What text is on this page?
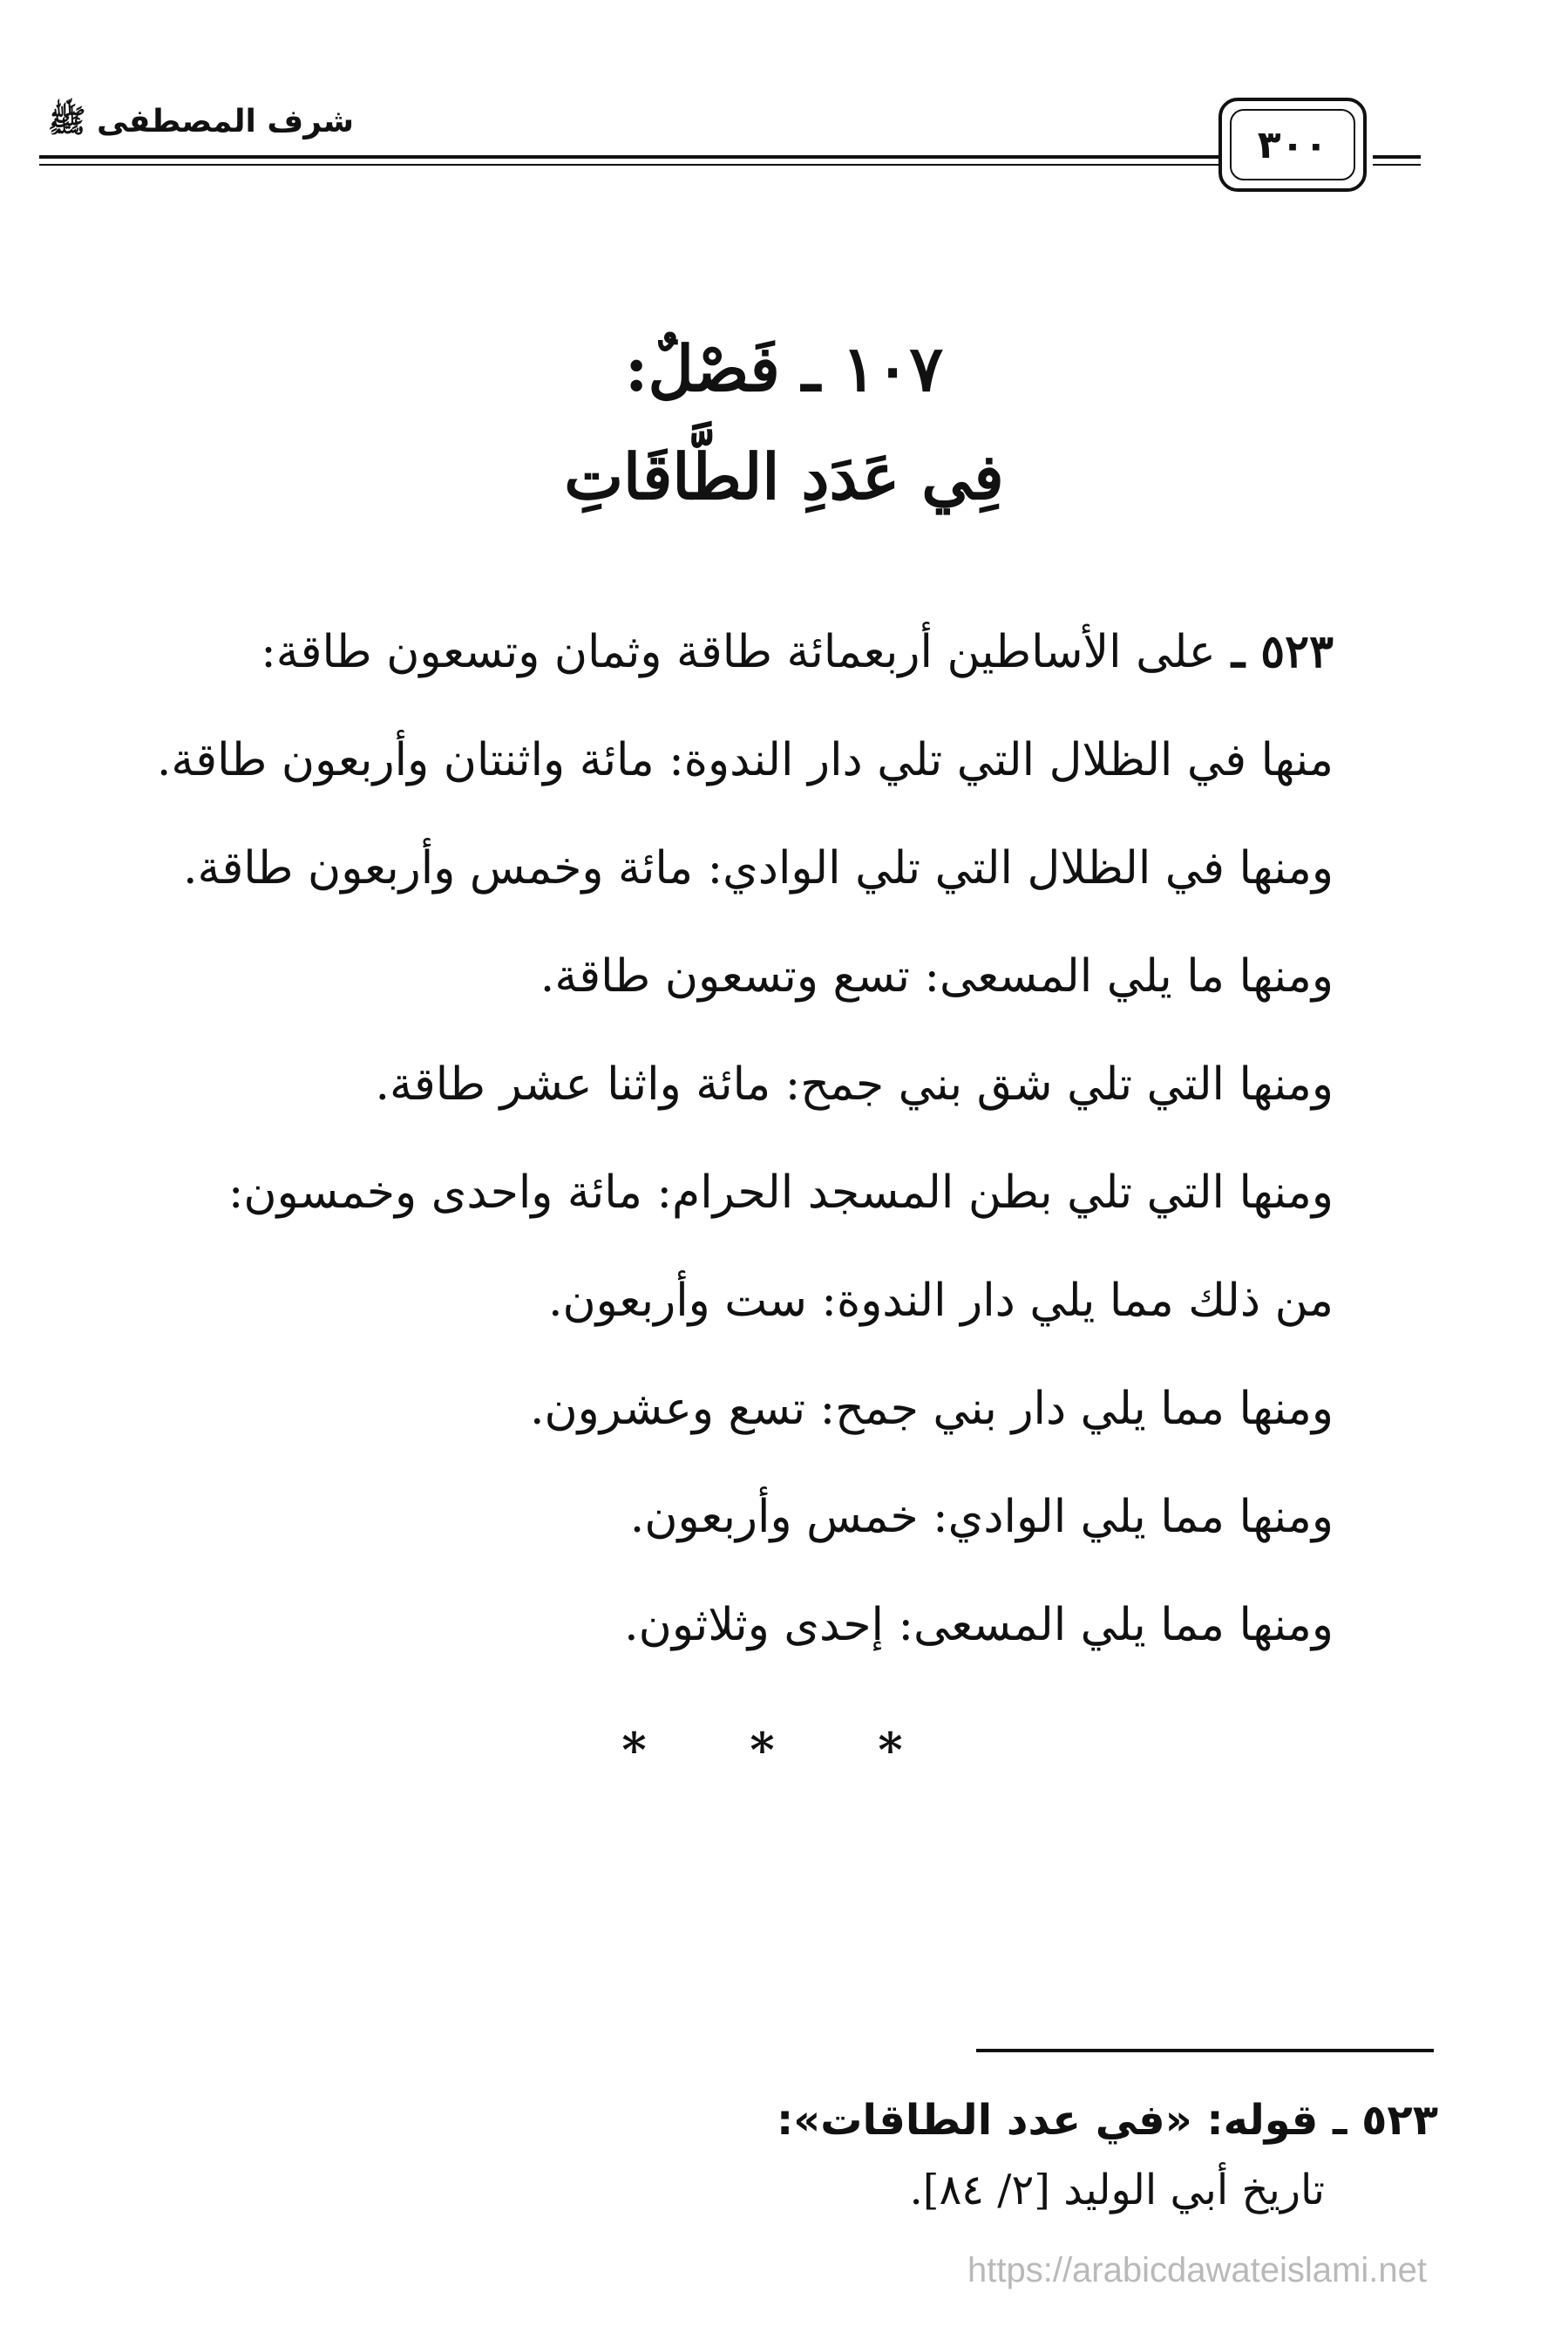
شرف المصطفى ﷺ
٣٠٠
١٠٧ ـ فَصْلٌ:
فِي عَدَدِ الطَّاقَاتِ
٥٢٣ ـ على الأساطين أربعمائة طاقة وثمان وتسعون طاقة:
منها في الظلال التي تلي دار الندوة: مائة واثنتان وأربعون طاقة.
ومنها في الظلال التي تلي الوادي: مائة وخمس وأربعون طاقة.
ومنها ما يلي المسعى: تسع وتسعون طاقة.
ومنها التي تلي شق بني جمح: مائة واثنا عشر طاقة.
ومنها التي تلي بطن المسجد الحرام: مائة واحدى وخمسون:
من ذلك مما يلي دار الندوة: ست وأربعون.
ومنها مما يلي دار بني جمح: تسع وعشرون.
ومنها مما يلي الوادي: خمس وأربعون.
ومنها مما يلي المسعى: إحدى وثلاثون.
* * *
٥٢٣ ـ قوله: «في عدد الطاقات»:
تاريخ أبي الوليد [٢/ ٨٤].
https://arabicdawateislami.net
